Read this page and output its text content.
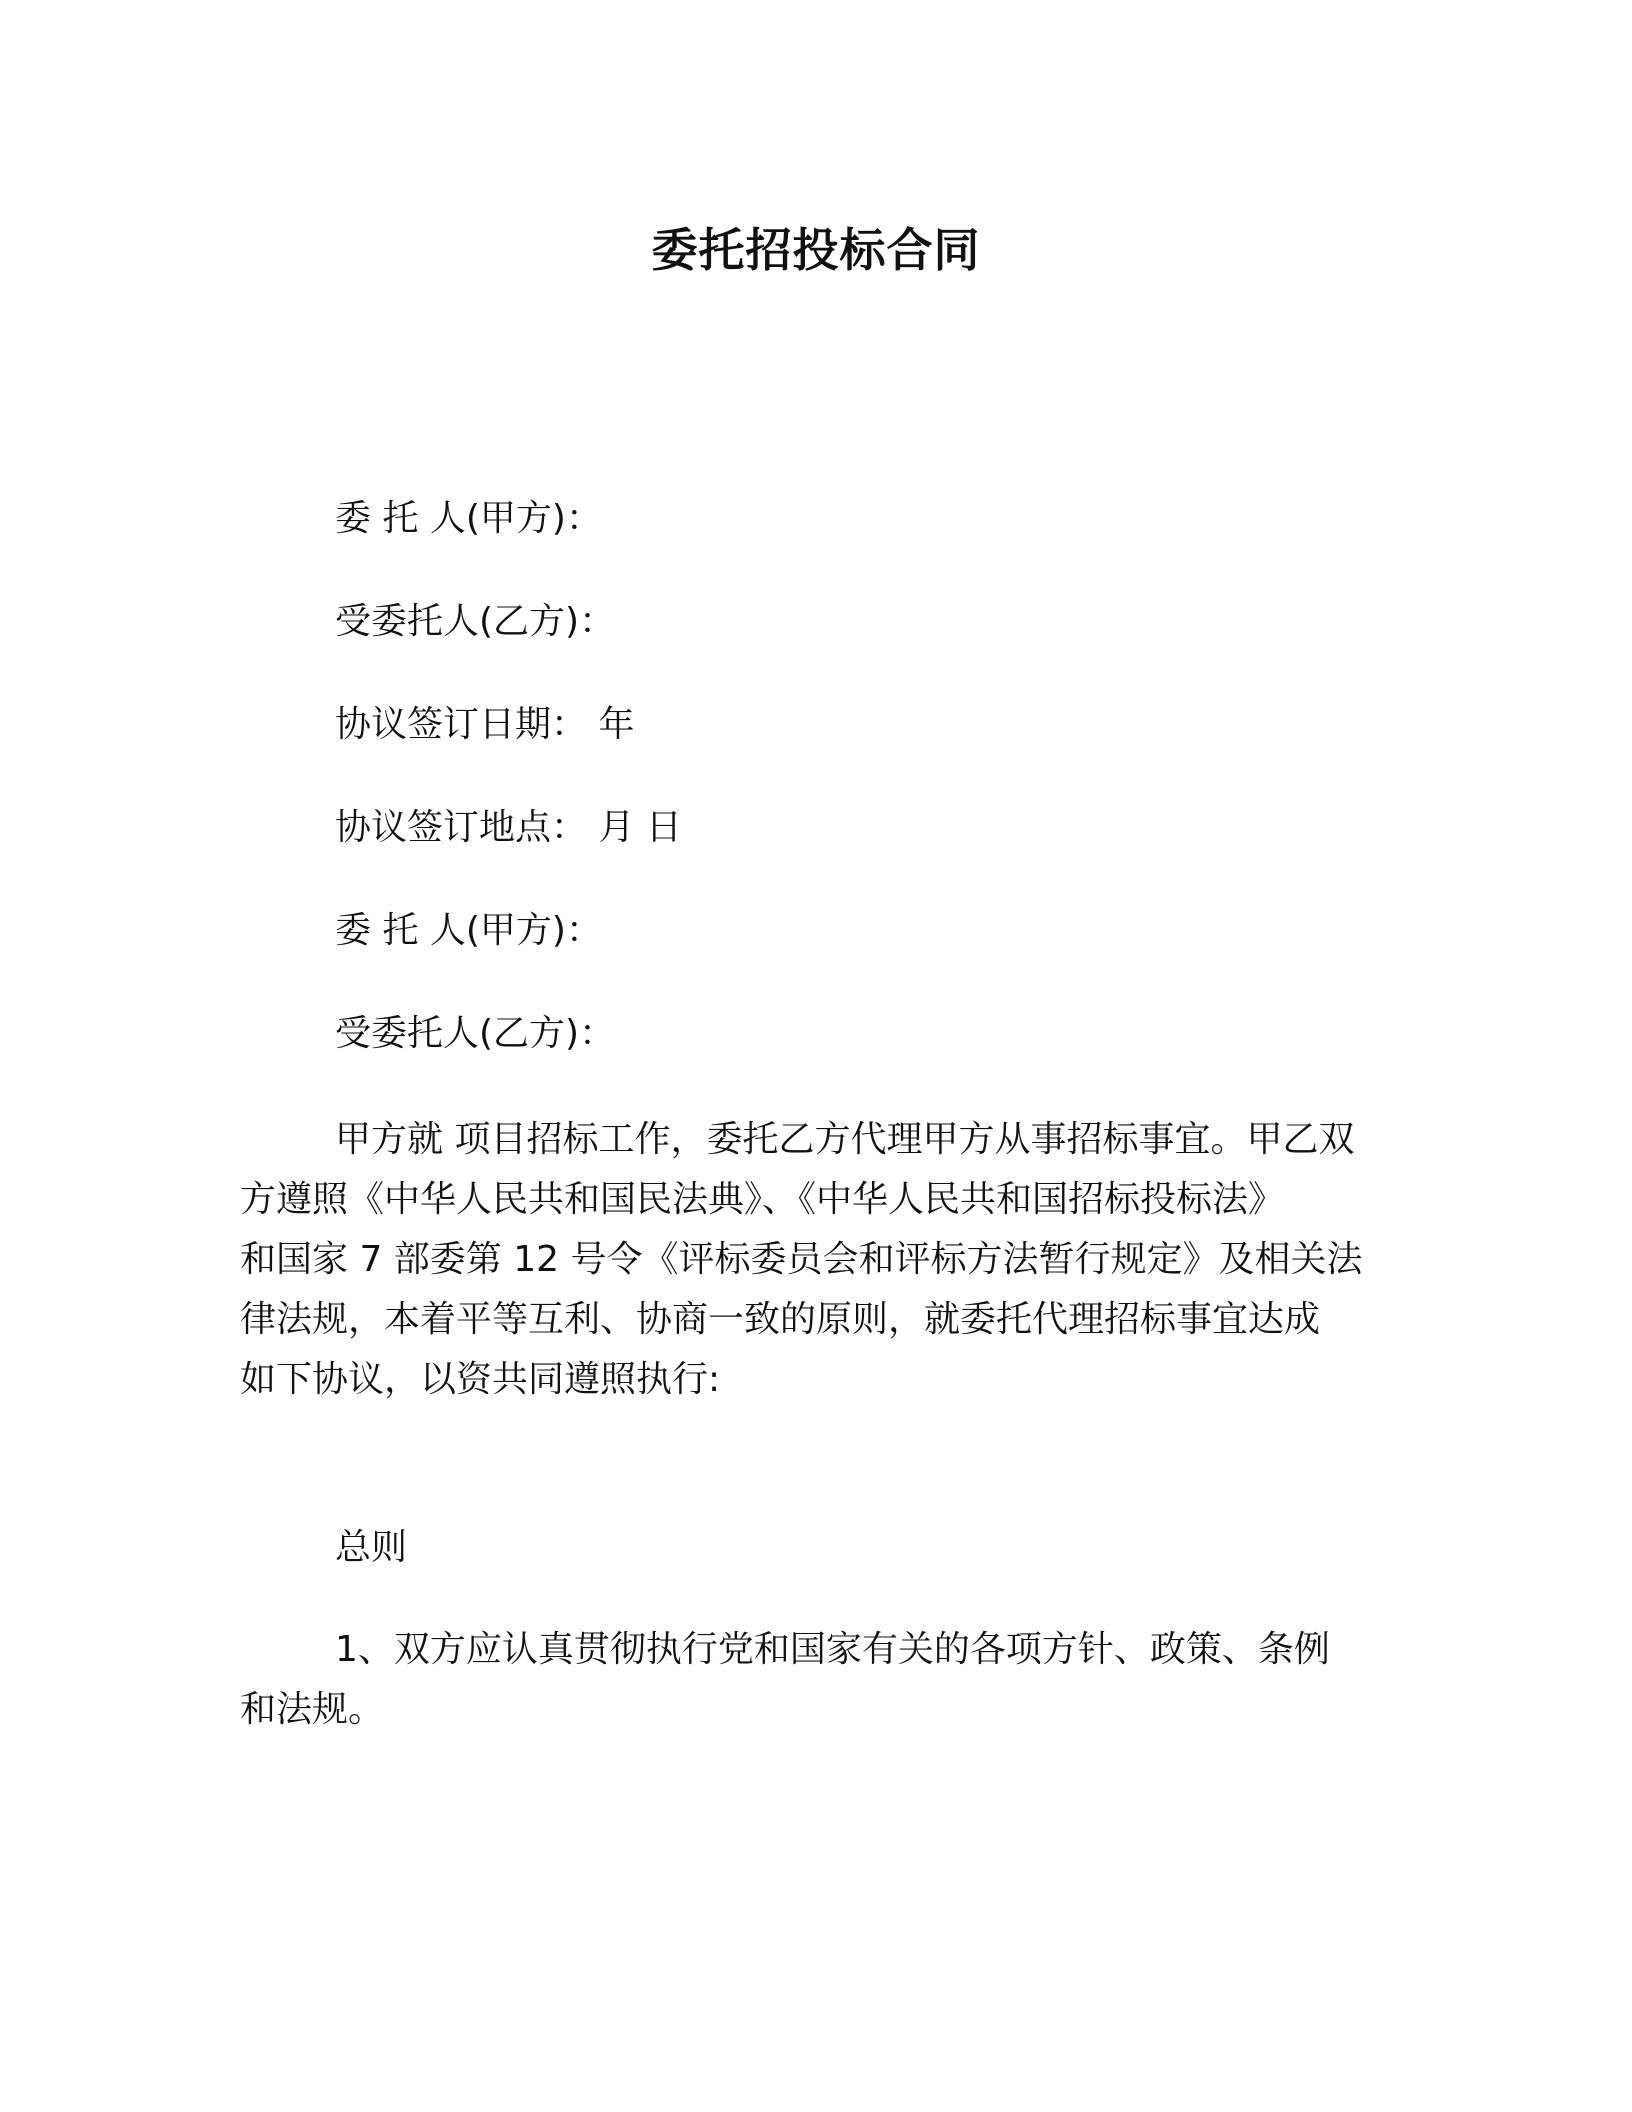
委托招投标合同
委 托 人(甲方)：
受委托人(乙方)：
协议签订日期： 年
协议签订地点： 月 日
委 托 人(甲方)：
受委托人(乙方)：
甲方就 项目招标工作，委托乙方代理甲方从事招标事宜。甲乙双
方遵照《中华人民共和国民法典》、《中华人民共和国招标投标法》
和国家 7 部委第 12 号令《评标委员会和评标方法暂行规定》及相关法
律法规，本着平等互利、协商一致的原则，就委托代理招标事宜达成
如下协议，以资共同遵照执行:
总则
1、双方应认真贯彻执行党和国家有关的各项方针、政策、条例
和法规。
